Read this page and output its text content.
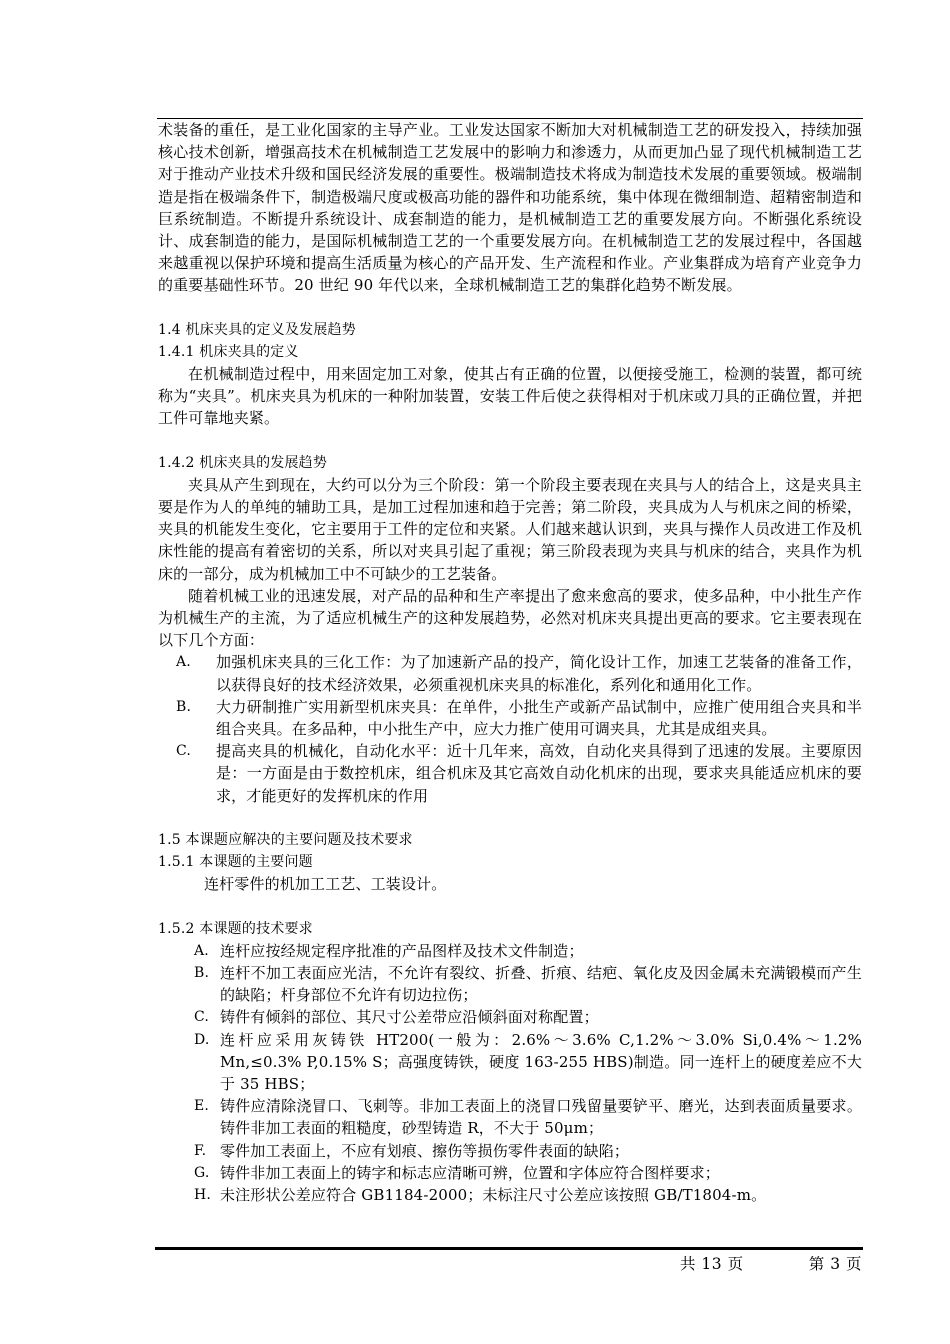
术装备的重任，是工业化国家的主导产业。工业发达国家不断加大对机械制造工艺的研发投入，持续加强核心技术创新，增强高技术在机械制造工艺发展中的影响力和渗透力，从而更加凸显了现代机械制造工艺对于推动产业技术升级和国民经济发展的重要性。极端制造技术将成为制造技术发展的重要领域。极端制造是指在极端条件下，制造极端尺度或极高功能的器件和功能系统，集中体现在微细制造、超精密制造和巨系统制造。不断提升系统设计、成套制造的能力，是机械制造工艺的重要发展方向。不断强化系统设计、成套制造的能力，是国际机械制造工艺的一个重要发展方向。在机械制造工艺的发展过程中，各国越来越重视以保护环境和提高生活质量为核心的产品开发、生产流程和作业。产业集群成为培育产业竞争力的重要基础性环节。20 世纪 90 年代以来，全球机械制造工艺的集群化趋势不断发展。

1.4 机床夹具的定义及发展趋势
1.4.1 机床夹具的定义

在机械制造过程中，用来固定加工对象，使其占有正确的位置，以便接受施工，检测的装置，都可统称为“夹具”。机床夹具为机床的一种附加装置，安装工件后使之获得相对于机床或刀具的正确位置，并把工件可靠地夹紧。

1.4.2 机床夹具的发展趋势

夹具从产生到现在，大约可以分为三个阶段：第一个阶段主要表现在夹具与人的结合上，这是夹具主要是作为人的单纯的辅助工具，是加工过程加速和趋于完善；第二阶段，夹具成为人与机床之间的桥梁，夹具的机能发生变化，它主要用于工件的定位和夹紧。人们越来越认识到，夹具与操作人员改进工作及机床性能的提高有着密切的关系，所以对夹具引起了重视；第三阶段表现为夹具与机床的结合，夹具作为机床的一部分，成为机械加工中不可缺少的工艺装备。

随着机械工业的迅速发展，对产品的品种和生产率提出了愈来愈高的要求，使多品种，中小批生产作为机械生产的主流，为了适应机械生产的这种发展趋势，必然对机床夹具提出更高的要求。它主要表现在以下几个方面：

A.	加强机床夹具的三化工作：为了加速新产品的投产，简化设计工作，加速工艺装备的准备工作，以获得良好的技术经济效果，必须重视机床夹具的标准化，系列化和通用化工作。
B.	大力研制推广实用新型机床夹具：在单件，小批生产或新产品试制中，应推广使用组合夹具和半组合夹具。在多品种，中小批生产中，应大力推广使用可调夹具，尤其是成组夹具。
C.	提高夹具的机械化，自动化水平：近十几年来，高效，自动化夹具得到了迅速的发展。主要原因是：一方面是由于数控机床，组合机床及其它高效自动化机床的出现，要求夹具能适应机床的要求，才能更好的发挥机床的作用
1.5 本课题应解决的主要问题及技术要求
1.5.1 本课题的主要问题

连杆零件的机加工工艺、工装设计。

1.5.2 本课题的技术要求
A. 连杆应按经规定程序批准的产品图样及技术文件制造；
B. 连杆不加工表面应光洁，不允许有裂纹、折叠、折痕、结疤、氧化皮及因金属未充满锻模而产生的缺陷；杆身部位不允许有切边拉伤；
C. 铸件有倾斜的部位、其尺寸公差带应沿倾斜面对称配置；
D. 连杆应采用灰铸铁 HT200(一般为：2.6%～3.6% C,1.2%～3.0% Si,0.4%～1.2% Mn,≤0.3% P,0.15% S；高强度铸铁，硬度 163-255 HBS)制造。同一连杆上的硬度差应不大于 35 HBS；
E. 铸件应清除浇冒口、飞刺等。非加工表面上的浇冒口残留量要铲平、磨光，达到表面质量要求。铸件非加工表面的粗糙度，砂型铸造 R，不大于 50μm；
F. 零件加工表面上，不应有划痕、擦伤等损伤零件表面的缺陷；
G. 铸件非加工表面上的铸字和标志应清晰可辨，位置和字体应符合图样要求；
H. 未注形状公差应符合 GB1184-2000；未标注尺寸公差应该按照 GB/T1804-m。
共 13 页	第 3 页
